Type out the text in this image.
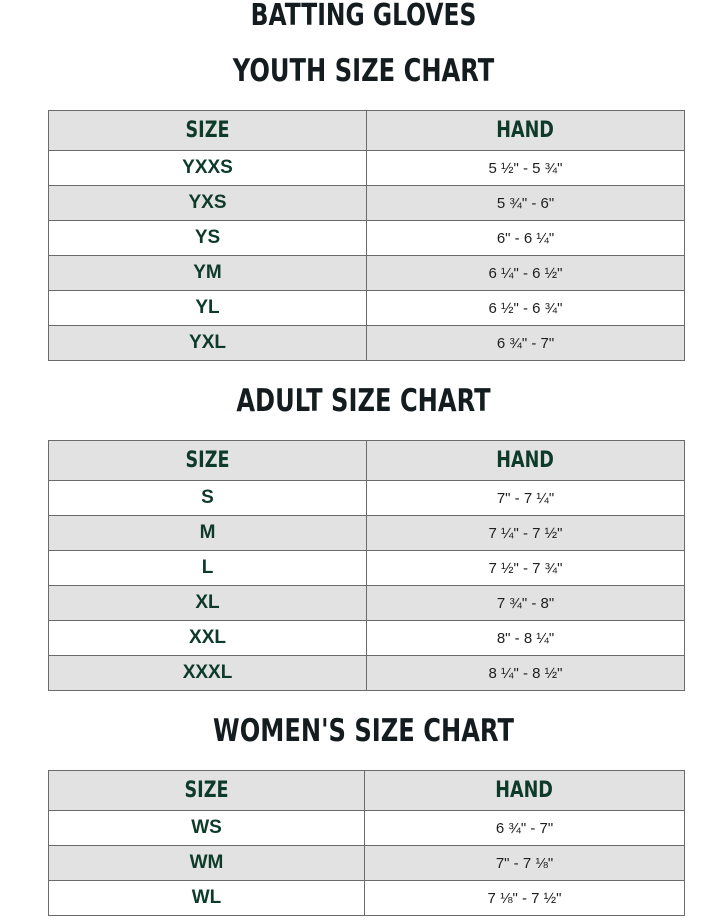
BATTING GLOVES
YOUTH SIZE CHART
SIZE	HAND
YXXS	5 ½" - 5 ¾"
YXS	5 ¾" - 6"
YS	6" - 6 ¼"
YM	6 ¼" - 6 ½"
YL	6 ½" - 6 ¾"
YXL	6 ¾" - 7"
ADULT SIZE CHART
SIZE	HAND
S	7" - 7 ¼"
M	7 ¼" - 7 ½"
L	7 ½" - 7 ¾"
XL	7 ¾" - 8"
XXL	8" - 8 ¼"
XXXL	8 ¼" - 8 ½"
WOMEN'S SIZE CHART
SIZE	HAND
WS	6 ¾" - 7"
WM	7" - 7 ⅛"
WL	7 ⅛" - 7 ½"
